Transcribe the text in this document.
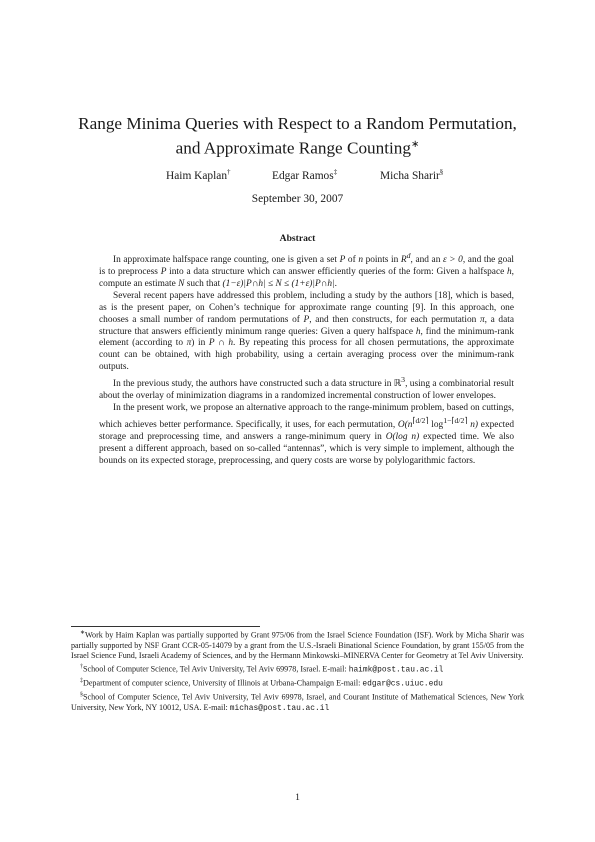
Range Minima Queries with Respect to a Random Permutation,
and Approximate Range Counting∗
Haim Kaplan†	Edgar Ramos‡	Micha Sharir§
September 30, 2007
Abstract

In approximate halfspace range counting, one is given a set P of n points in $R^d$, and an ε > 0, and the goal is to preprocess P into a data structure which can answer efficiently queries of the form: Given a halfspace h, compute an estimate N such that (1−ε)|P∩h| ≤ N ≤ (1+ε)|P∩h|.

Several recent papers have addressed this problem, including a study by the authors [18], which is based, as is the present paper, on Cohen’s technique for approximate range counting [9]. In this approach, one chooses a small number of random permutations of P, and then constructs, for each permutation π, a data structure that answers efficiently minimum range queries: Given a query halfspace h, find the minimum-rank element (according to π) in P ∩ h. By repeating this process for all chosen permutations, the approximate count can be obtained, with high probability, using a certain averaging process over the minimum-rank outputs.

In the previous study, the authors have constructed such a data structure in ℝ$^3$, using a combinatorial result about the overlay of minimization diagrams in a randomized incremental construction of lower envelopes.

In the present work, we propose an alternative approach to the range-minimum problem, based on cuttings, which achieves better performance. Specifically, it uses, for each permutation, $O(n^{⌈d/2⌉}$ $\log^{1-⌈d/2⌉} n$) expected storage and preprocessing time, and answers a range-minimum query in O(log n) expected time. We also present a different approach, based on so-called “antennas”, which is very simple to implement, although the bounds on its expected storage, preprocessing, and query costs are worse by polylogarithmic factors.

∗Work by Haim Kaplan was partially supported by Grant 975/06 from the Israel Science Foundation (ISF). Work by Micha Sharir was partially supported by NSF Grant CCR-05-14079 by a grant from the U.S.-Israeli Binational Science Foundation, by grant 155/05 from the Israel Science Fund, Israeli Academy of Sciences, and by the Hermann Minkowski–MINERVA Center for Geometry at Tel Aviv University.

†School of Computer Science, Tel Aviv University, Tel Aviv 69978, Israel. E-mail: haimk@post.tau.ac.il

‡Department of computer science, University of Illinois at Urbana-Champaign E-mail: edgar@cs.uiuc.edu

§School of Computer Science, Tel Aviv University, Tel Aviv 69978, Israel, and Courant Institute of Mathematical Sciences, New York University, New York, NY 10012, USA. E-mail: michas@post.tau.ac.il

1
